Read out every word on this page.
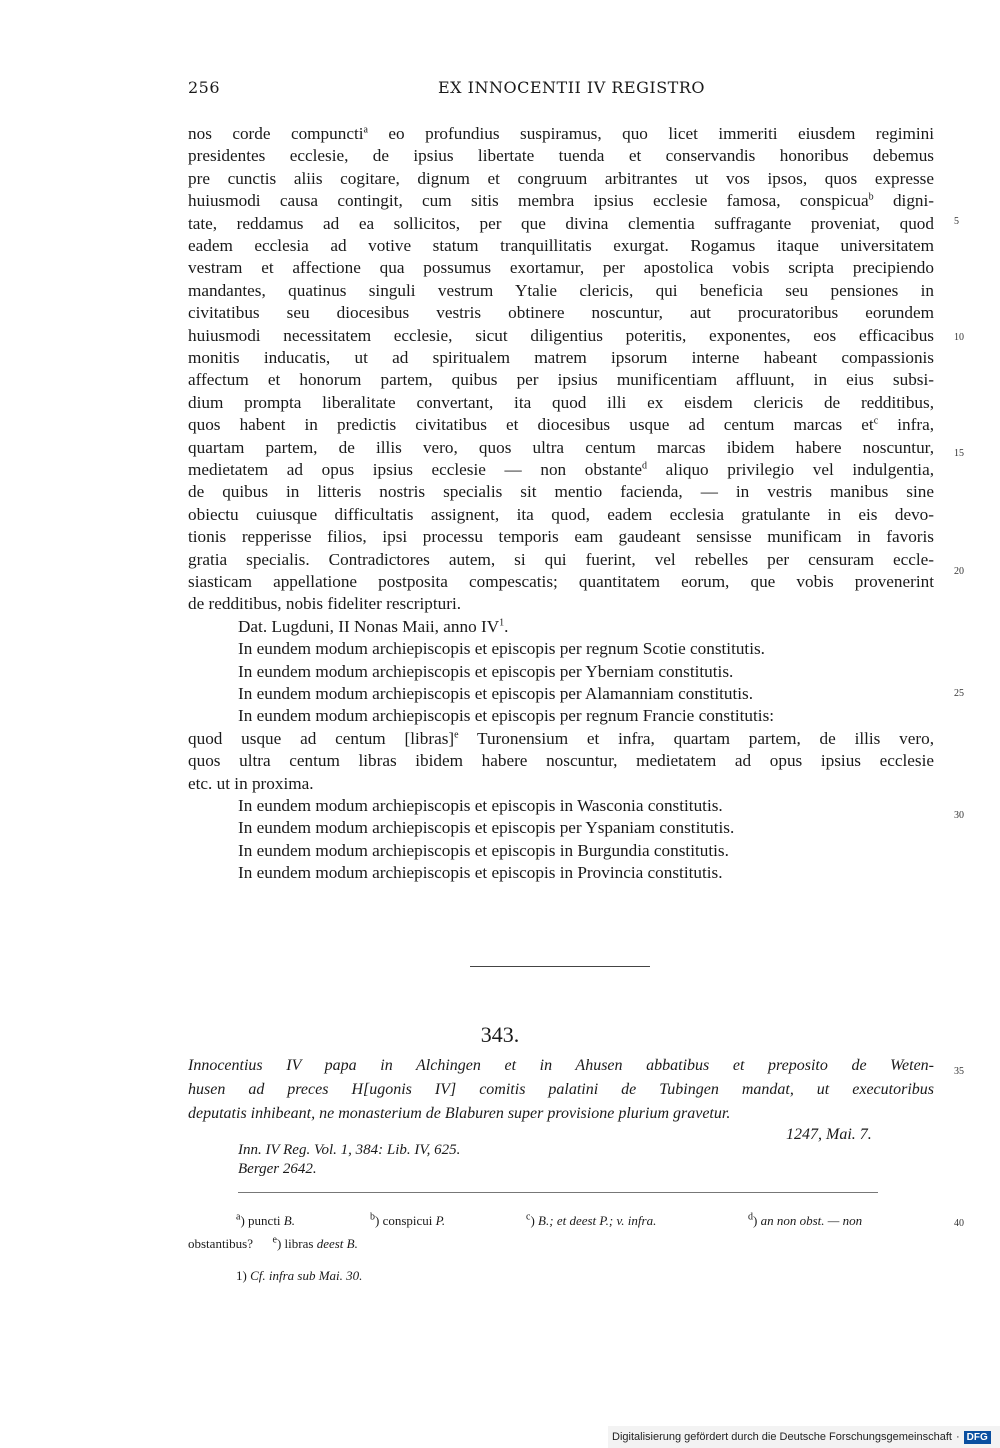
256	EX INNOCENTII IV REGISTRO
nos corde compuncti$^a$ eo profundius suspiramus, quo licet immeriti eiusdem regimini
presidentes ecclesie, de ipsius libertate tuenda et conservandis honoribus debemus
pre cunctis aliis cogitare, dignum et congruum arbitrantes ut vos ipsos, quos expresse
huiusmodi causa contingit, cum sitis membra ipsius ecclesie famosa, conspicua$^b$ digni-
tate, reddamus ad ea sollicitos, per que divina clementia suffragante proveniat, quod
eadem ecclesia ad votive statum tranquillitatis exurgat. Rogamus itaque universitatem
vestram et affectione qua possumus exortamur, per apostolica vobis scripta precipiendo
mandantes, quatinus singuli vestrum Ytalie clericis, qui beneficia seu pensiones in
civitatibus seu diocesibus vestris obtinere noscuntur, aut procuratoribus eorundem
huiusmodi necessitatem ecclesie, sicut diligentius poteritis, exponentes, eos efficacibus
monitis inducatis, ut ad spiritualem matrem ipsorum interne habeant compassionis
affectum et honorum partem, quibus per ipsius munificentiam affluunt, in eius subsi-
dium prompta liberalitate convertant, ita quod illi ex eisdem clericis de redditibus,
quos habent in predictis civitatibus et diocesibus usque ad centum marcas $et^c$ infra,
quartam partem, de illis vero, quos ultra centum marcas ibidem habere noscuntur,
medietatem ad opus ipsius ecclesie — non obstante$^d$ aliquo privilegio vel indulgentia,
de quibus in litteris nostris specialis sit mentio facienda, — in vestris manibus sine
obiectu cuiusque difficultatis assignent, ita quod, eadem ecclesia gratulante in eis devo-
tionis repperisse filios, ipsi processu temporis eam gaudeant sensisse munificam in favoris
gratia specialis. Contradictores autem, si qui fuerint, vel rebelles per censuram eccle-
siasticam appellatione postposita compescatis; quantitatem eorum, que vobis provenerint
de redditibus, nobis fideliter rescripturi.
Dat. Lugduni, II Nonas Maii, anno $IV^1$.
In eundem modum archiepiscopis et episcopis per regnum Scotie constitutis.
In eundem modum archiepiscopis et episcopis per Yberniam constitutis.
In eundem modum archiepiscopis et episcopis per Alamanniam constitutis.
In eundem modum archiepiscopis et episcopis per regnum Francie constitutis:
quod usque ad centum [libras]$^e$ Turonensium et infra, quartam partem, de illis vero,
quos ultra centum libras ibidem habere noscuntur, medietatem ad opus ipsius ecclesie
etc. ut in proxima.
In eundem modum archiepiscopis et episcopis in Wasconia constitutis.
In eundem modum archiepiscopis et episcopis per Yspaniam constitutis.
In eundem modum archiepiscopis et episcopis in Burgundia constitutis.
In eundem modum archiepiscopis et episcopis in Provincia constitutis.
5
10
15
20
25
30
35
40
343.
Innocentius IV papa in Alchingen et in Ahusen abbatibus et preposito de Weten-
husen ad preces H[ugonis IV] comitis palatini de Tubingen mandat, ut executoribus
deputatis inhibeant, ne monasterium de Blaburen super provisione plurium gravetur.
1247, Mai. 7.
Inn. IV Reg. Vol. 1, 384: Lib. IV, 625.
Berger 2642.
$^a$) puncti B.	$^b$) conspicui P.	$^c$) B.; et deest P.; v. infra.	$^d$) an non obst. — non
obstantibus? $^e$) libras deest B.
1) Cf. infra sub Mai. 30.
Digitalisierung gefördert durch die Deutsche Forschungsgemeinschaft · DFG
